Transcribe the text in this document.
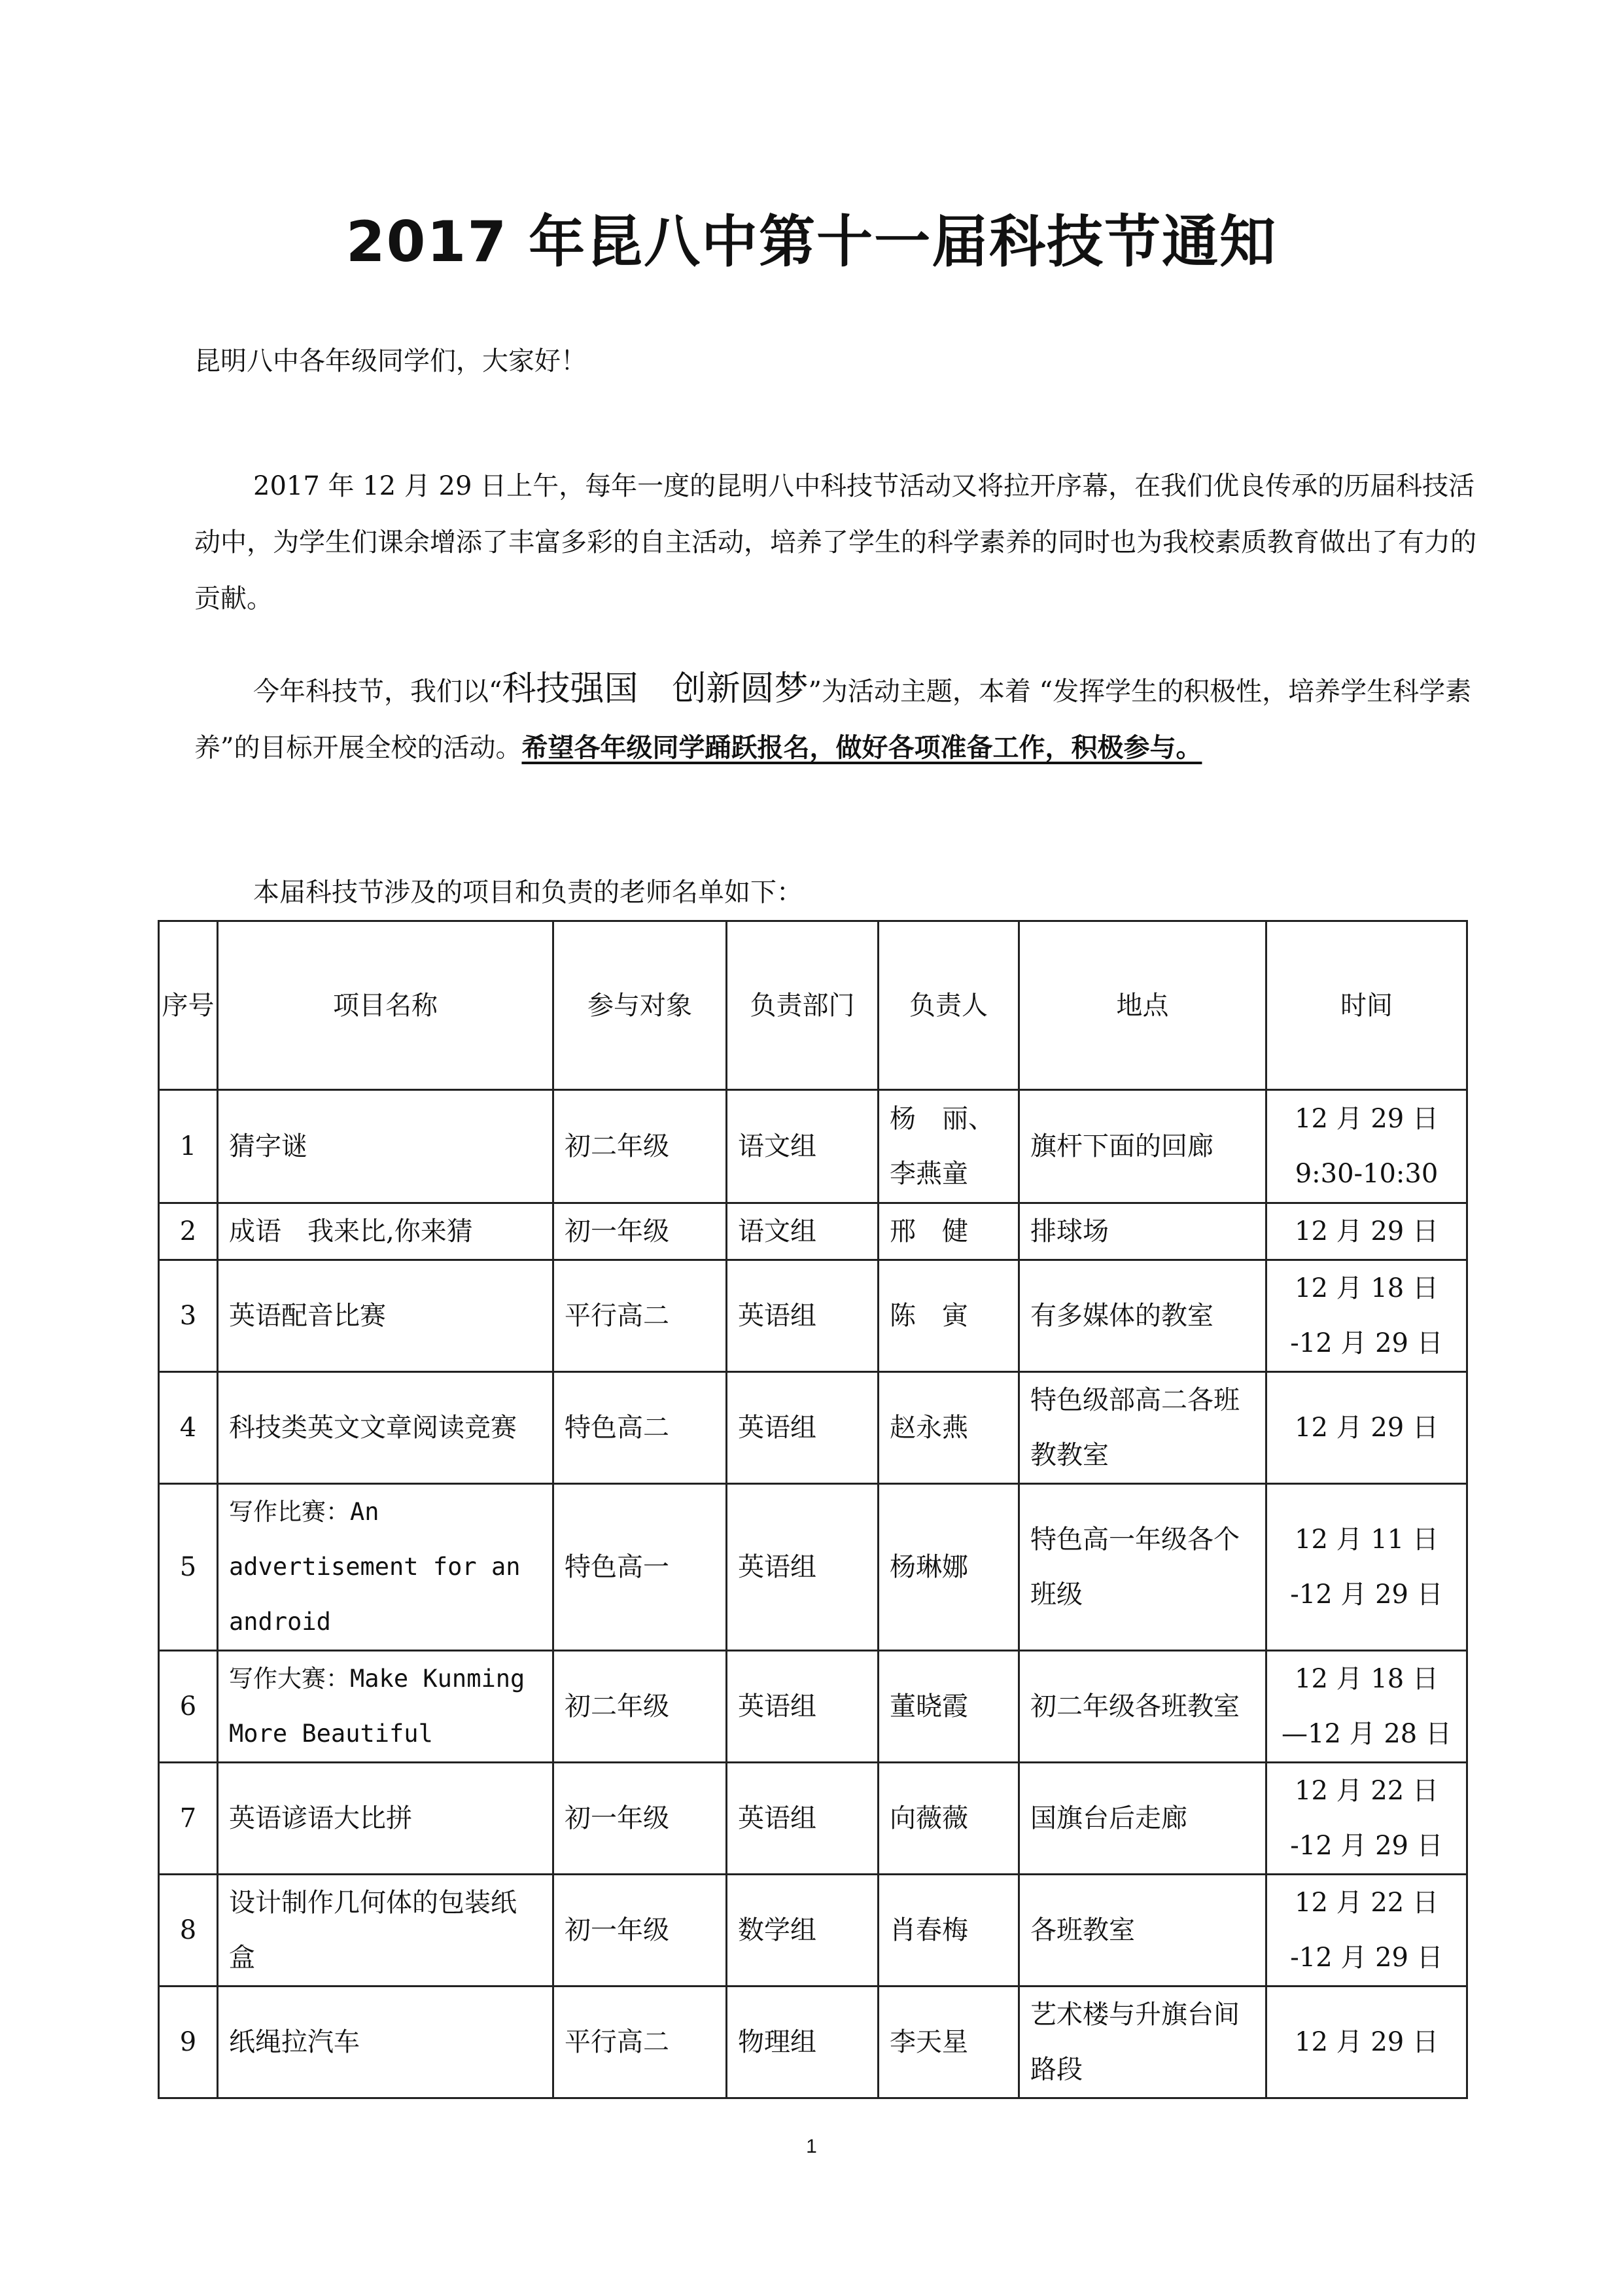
2017 年昆八中第十一届科技节通知
昆明八中各年级同学们，大家好！
2017 年 12 月 29 日上午，每年一度的昆明八中科技节活动又将拉开序幕，在我们优良传承的历届科技活动中，为学生们课余增添了丰富多彩的自主活动，培养了学生的科学素养的同时也为我校素质教育做出了有力的贡献。
今年科技节，我们以“科技强国　创新圆梦”为活动主题，本着 “发挥学生的积极性，培养学生科学素养”的目标开展全校的活动。希望各年级同学踊跃报名，做好各项准备工作，积极参与。
本届科技节涉及的项目和负责的老师名单如下：
序号	项目名称	参与对象	负责部门	负责人	地点	时间
1	猜字谜	初二年级	语文组	杨　丽、李燕童	旗杆下面的回廊	12 月 29 日 9:30-10:30
2	成语　我来比,你来猜	初一年级	语文组	邢　健	排球场	12 月 29 日
3	英语配音比赛	平行高二	英语组	陈　寅	有多媒体的教室	12 月 18 日 -12 月 29 日
4	科技类英文文章阅读竞赛	特色高二	英语组	赵永燕	特色级部高二各班教教室	12 月 29 日
5	写作比赛：An advertisement for an android	特色高一	英语组	杨琳娜	特色高一年级各个班级	12 月 11 日 -12 月 29 日
6	写作大赛：Make Kunming More Beautiful	初二年级	英语组	董晓霞	初二年级各班教室	12 月 18 日 —12 月 28 日
7	英语谚语大比拼	初一年级	英语组	向薇薇	国旗台后走廊	12 月 22 日 -12 月 29 日
8	设计制作几何体的包装纸盒	初一年级	数学组	肖春梅	各班教室	12 月 22 日 -12 月 29 日
9	纸绳拉汽车	平行高二	物理组	李天星	艺术楼与升旗台间路段	12 月 29 日
1
